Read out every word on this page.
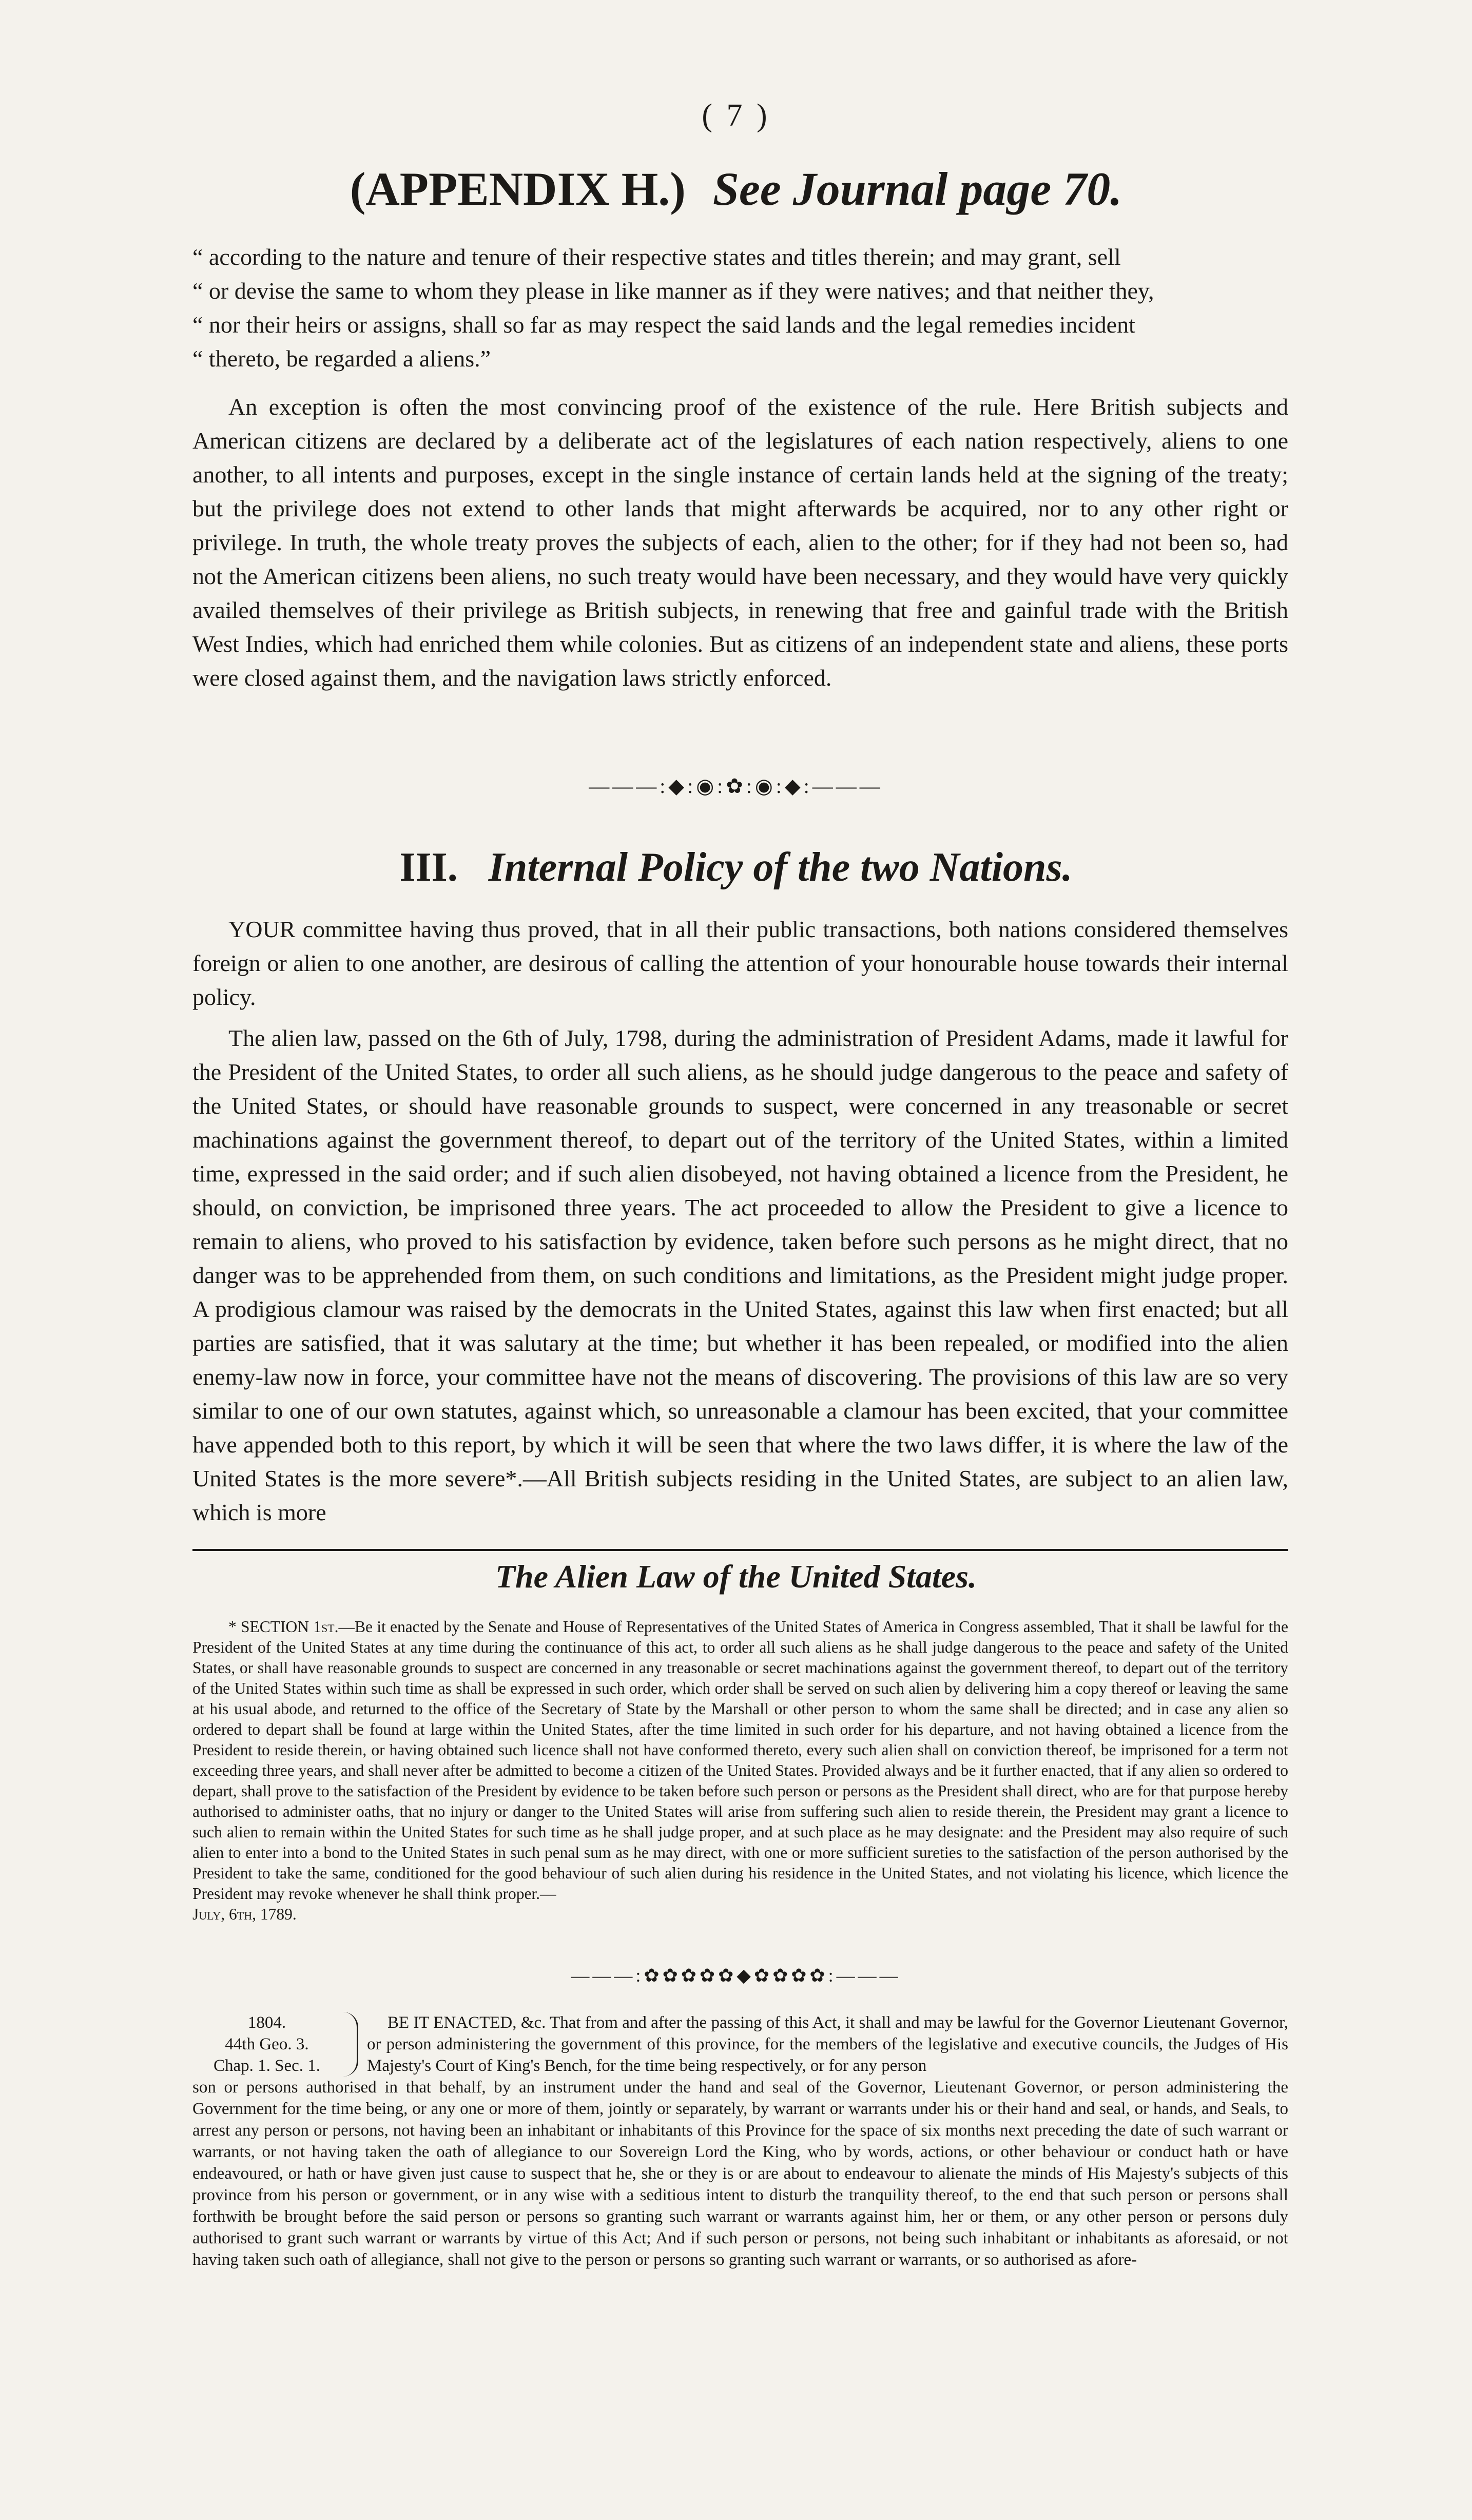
( 7 )
(APPENDIX H.) See Journal page 70.

“ according to the nature and tenure of their respective states and titles therein; and may grant, sell

“ or devise the same to whom they please in like manner as if they were natives; and that neither they,

“ nor their heirs or assigns, shall so far as may respect the said lands and the legal remedies incident

“ thereto, be regarded a aliens.”

An exception is often the most convincing proof of the existence of the rule. Here British subjects and American citizens are declared by a deliberate act of the legislatures of each nation respectively, aliens to one another, to all intents and purposes, except in the single instance of certain lands held at the signing of the treaty; but the privilege does not extend to other lands that might afterwards be acquired, nor to any other right or privilege. In truth, the whole treaty proves the subjects of each, alien to the other; for if they had not been so, had not the American citizens been aliens, no such treaty would have been necessary, and they would have very quickly availed themselves of their privilege as British subjects, in renewing that free and gainful trade with the British West Indies, which had enriched them while colonies. But as citizens of an independent state and aliens, these ports were closed against them, and the navigation laws strictly enforced.

———:◆:◉:✿:◉:◆:———
III. Internal Policy of the two Nations.

YOUR committee having thus proved, that in all their public transactions, both nations considered themselves foreign or alien to one another, are desirous of calling the attention of your honourable house towards their internal policy.

The alien law, passed on the 6th of July, 1798, during the administration of President Adams, made it lawful for the President of the United States, to order all such aliens, as he should judge dangerous to the peace and safety of the United States, or should have reasonable grounds to suspect, were concerned in any treasonable or secret machinations against the government thereof, to depart out of the territory of the United States, within a limited time, expressed in the said order; and if such alien disobeyed, not having obtained a licence from the President, he should, on conviction, be imprisoned three years. The act proceeded to allow the President to give a licence to remain to aliens, who proved to his satisfaction by evidence, taken before such persons as he might direct, that no danger was to be apprehended from them, on such conditions and limitations, as the President might judge proper. A prodigious clamour was raised by the democrats in the United States, against this law when first enacted; but all parties are satisfied, that it was salutary at the time; but whether it has been repealed, or modified into the alien enemy-law now in force, your committee have not the means of discovering. The provisions of this law are so very similar to one of our own statutes, against which, so unreasonable a clamour has been excited, that your committee have appended both to this report, by which it will be seen that where the two laws differ, it is where the law of the United States is the more severe*.—All British subjects residing in the United States, are subject to an alien law, which is more

The Alien Law of the United States.

* SECTION 1st.—Be it enacted by the Senate and House of Representatives of the United States of America in Congress assembled, That it shall be lawful for the President of the United States at any time during the continuance of this act, to order all such aliens as he shall judge dangerous to the peace and safety of the United States, or shall have reasonable grounds to suspect are concerned in any treasonable or secret machinations against the government thereof, to depart out of the territory of the United States within such time as shall be expressed in such order, which order shall be served on such alien by delivering him a copy thereof or leaving the same at his usual abode, and returned to the office of the Secretary of State by the Marshall or other person to whom the same shall be directed; and in case any alien so ordered to depart shall be found at large within the United States, after the time limited in such order for his departure, and not having obtained a licence from the President to reside therein, or having obtained such licence shall not have conformed thereto, every such alien shall on conviction thereof, be imprisoned for a term not exceeding three years, and shall never after be admitted to become a citizen of the United States. Provided always and be it further enacted, that if any alien so ordered to depart, shall prove to the satisfaction of the President by evidence to be taken before such person or persons as the President shall direct, who are for that purpose hereby authorised to administer oaths, that no injury or danger to the United States will arise from suffering such alien to reside therein, the President may grant a licence to such alien to remain within the United States for such time as he shall judge proper, and at such place as he may designate: and the President may also require of such alien to enter into a bond to the United States in such penal sum as he may direct, with one or more sufficient sureties to the satisfaction of the person authorised by the President to take the same, conditioned for the good behaviour of such alien during his residence in the United States, and not violating his licence, which licence the President may revoke whenever he shall think proper.—

July, 6th, 1789.

———:✿✿✿✿✿◆✿✿✿✿:———
1804.
44th Geo. 3.
Chap. 1. Sec. 1.

BE IT ENACTED, &c. That from and after the passing of this Act, it shall and may be lawful for the Governor Lieutenant Governor, or person administering the government of this province, for the members of the legislative and executive councils, the Judges of His Majesty's Court of King's Bench, for the time being respectively, or for any person

son or persons authorised in that behalf, by an instrument under the hand and seal of the Governor, Lieutenant Governor, or person administering the Government for the time being, or any one or more of them, jointly or separately, by warrant or warrants under his or their hand and seal, or hands, and Seals, to arrest any person or persons, not having been an inhabitant or inhabitants of this Province for the space of six months next preceding the date of such warrant or warrants, or not having taken the oath of allegiance to our Sovereign Lord the King, who by words, actions, or other behaviour or conduct hath or have endeavoured, or hath or have given just cause to suspect that he, she or they is or are about to endeavour to alienate the minds of His Majesty's subjects of this province from his person or government, or in any wise with a seditious intent to disturb the tranquility thereof, to the end that such person or persons shall forthwith be brought before the said person or persons so granting such warrant or warrants against him, her or them, or any other person or persons duly authorised to grant such warrant or warrants by virtue of this Act; And if such person or persons, not being such inhabitant or inhabitants as aforesaid, or not having taken such oath of allegiance, shall not give to the person or persons so granting such warrant or warrants, or so authorised as afore-
